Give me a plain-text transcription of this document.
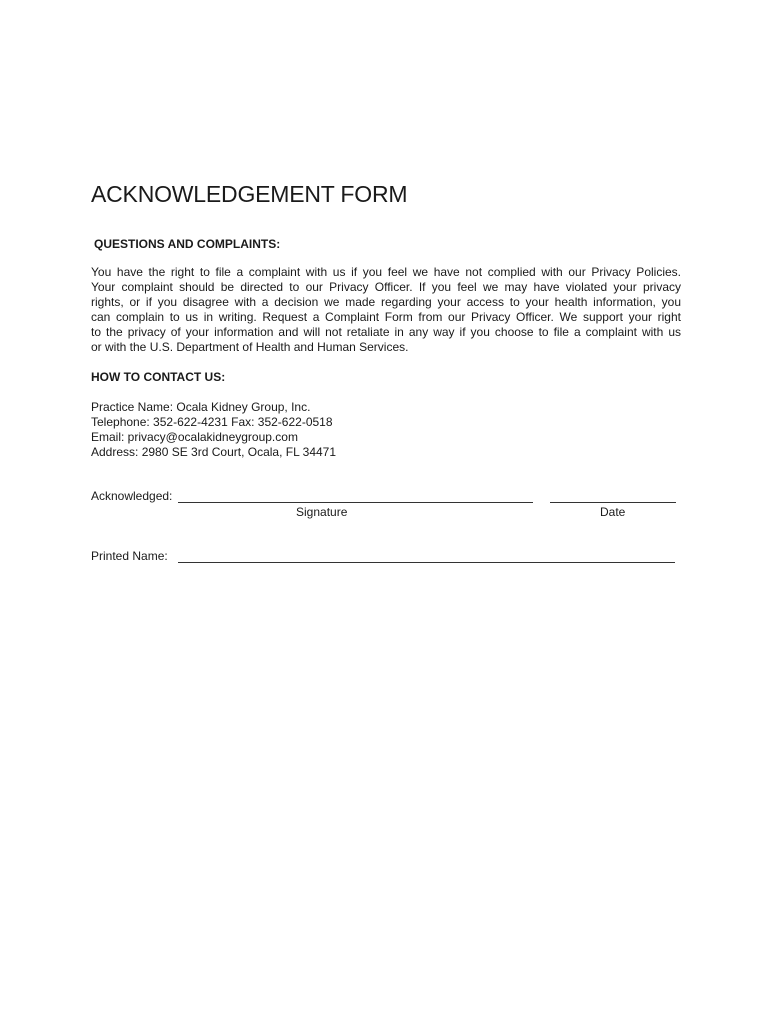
ACKNOWLEDGEMENT FORM
QUESTIONS AND COMPLAINTS:

You have the right to file a complaint with us if you feel we have not complied with our Privacy Policies.
Your complaint should be directed to our Privacy Officer. If you feel we may have violated your privacy
rights, or if you disagree with a decision we made regarding your access to your health information, you
can complain to us in writing. Request a Complaint Form from our Privacy Officer. We support your right
to the privacy of your information and will not retaliate in any way if you choose to file a complaint with us
or with the U.S. Department of Health and Human Services.

HOW TO CONTACT US:
Practice Name: Ocala Kidney Group, Inc.
Telephone: 352-622-4231 Fax: 352-622-0518
Email: privacy@ocalakidneygroup.com
Address: 2980 SE 3rd Court, Ocala, FL 34471
Acknowledged:
Signature	Date
Printed Name:
